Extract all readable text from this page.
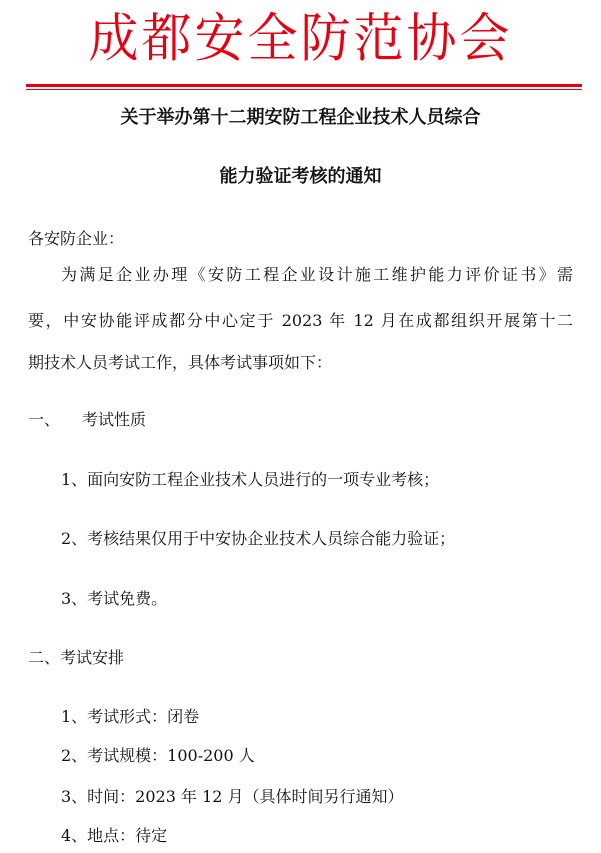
成都安全防范协会
关于举办第十二期安防工程企业技术人员综合
能力验证考核的通知
各安防企业：
为满足企业办理《安防工程企业设计施工维护能力评价证书》需
要，中安协能评成都分中心定于 2023 年 12 月在成都组织开展第十二
期技术人员考试工作，具体考试事项如下：
一、 考试性质
1、面向安防工程企业技术人员进行的一项专业考核；
2、考核结果仅用于中安协企业技术人员综合能力验证；
3、考试免费。
二、考试安排
1、考试形式：闭卷
2、考试规模：100-200 人
3、时间：2023 年 12 月（具体时间另行通知）
4、地点：待定
